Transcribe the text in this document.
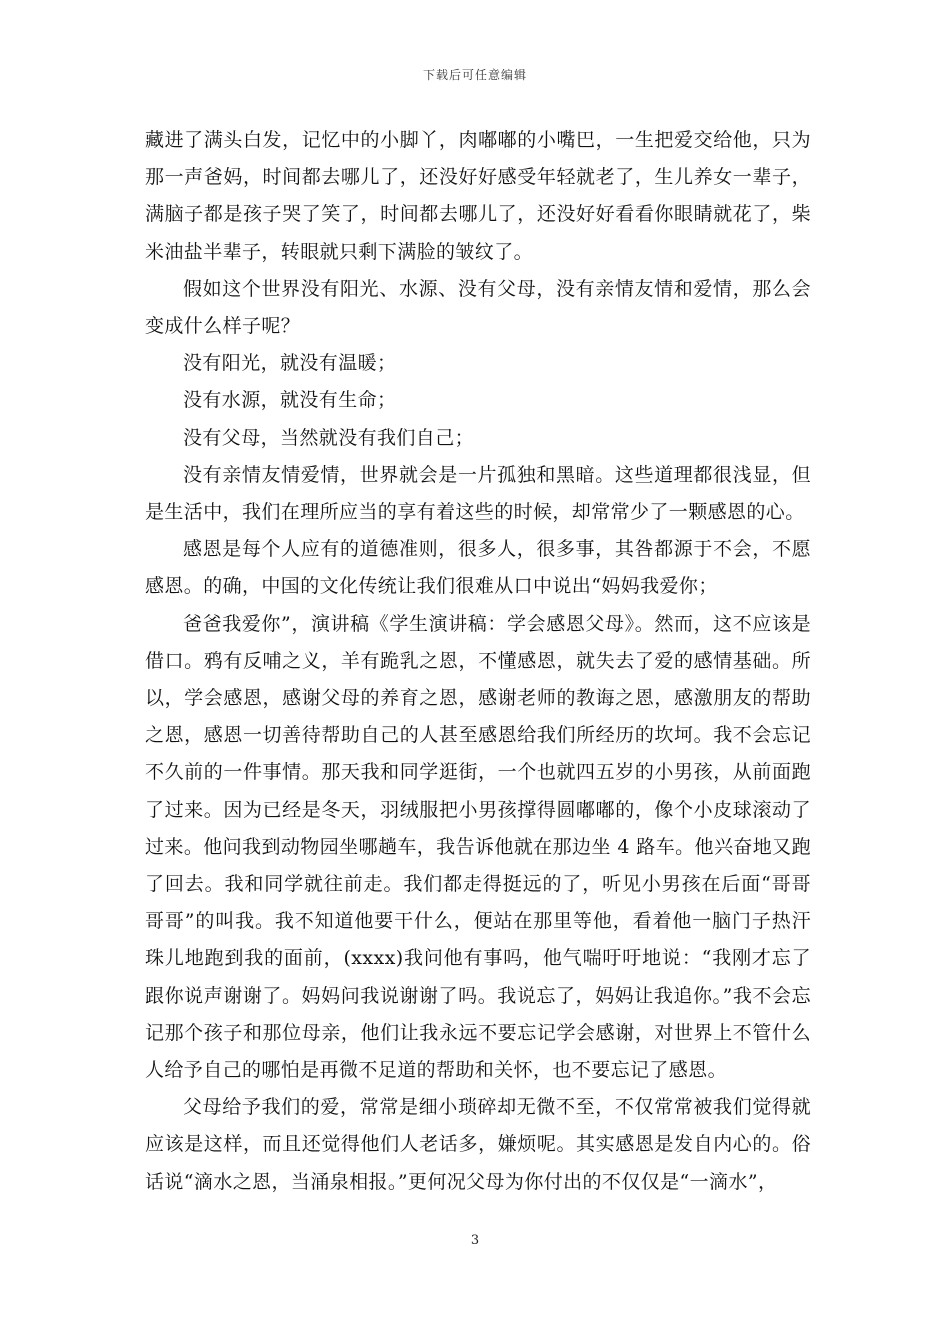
下载后可任意编辑

藏进了满头白发，记忆中的小脚丫，肉嘟嘟的小嘴巴，一生把爱交给他，只为那一声爸妈，时间都去哪儿了，还没好好感受年轻就老了，生儿养女一辈子，满脑子都是孩子哭了笑了，时间都去哪儿了，还没好好看看你眼睛就花了，柴米油盐半辈子，转眼就只剩下满脸的皱纹了。

假如这个世界没有阳光、水源、没有父母，没有亲情友情和爱情，那么会变成什么样子呢？

没有阳光，就没有温暖；

没有水源，就没有生命；

没有父母，当然就没有我们自己；

没有亲情友情爱情，世界就会是一片孤独和黑暗。这些道理都很浅显，但是生活中，我们在理所应当的享有着这些的时候，却常常少了一颗感恩的心。

感恩是每个人应有的道德准则，很多人，很多事，其咎都源于不会，不愿感恩。的确，中国的文化传统让我们很难从口中说出“妈妈我爱你；

爸爸我爱你”，演讲稿《学生演讲稿：学会感恩父母》。然而，这不应该是借口。鸦有反哺之义，羊有跪乳之恩，不懂感恩，就失去了爱的感情基础。所以，学会感恩，感谢父母的养育之恩，感谢老师的教诲之恩，感激朋友的帮助之恩，感恩一切善待帮助自己的人甚至感恩给我们所经历的坎坷。我不会忘记不久前的一件事情。那天我和同学逛街，一个也就四五岁的小男孩，从前面跑了过来。因为已经是冬天，羽绒服把小男孩撑得圆嘟嘟的，像个小皮球滚动了过来。他问我到动物园坐哪趟车，我告诉他就在那边坐 4 路车。他兴奋地又跑了回去。我和同学就往前走。我们都走得挺远的了，听见小男孩在后面“哥哥哥哥”的叫我。我不知道他要干什么，便站在那里等他，看着他一脑门子热汗珠儿地跑到我的面前，(xxxx)我问他有事吗，他气喘吁吁地说：“我刚才忘了跟你说声谢谢了。妈妈问我说谢谢了吗。我说忘了，妈妈让我追你。”我不会忘记那个孩子和那位母亲，他们让我永远不要忘记学会感谢，对世界上不管什么人给予自己的哪怕是再微不足道的帮助和关怀，也不要忘记了感恩。

父母给予我们的爱，常常是细小琐碎却无微不至，不仅常常被我们觉得就应该是这样，而且还觉得他们人老话多，嫌烦呢。其实感恩是发自内心的。俗话说“滴水之恩，当涌泉相报。”更何况父母为你付出的不仅仅是“一滴水”，

3
